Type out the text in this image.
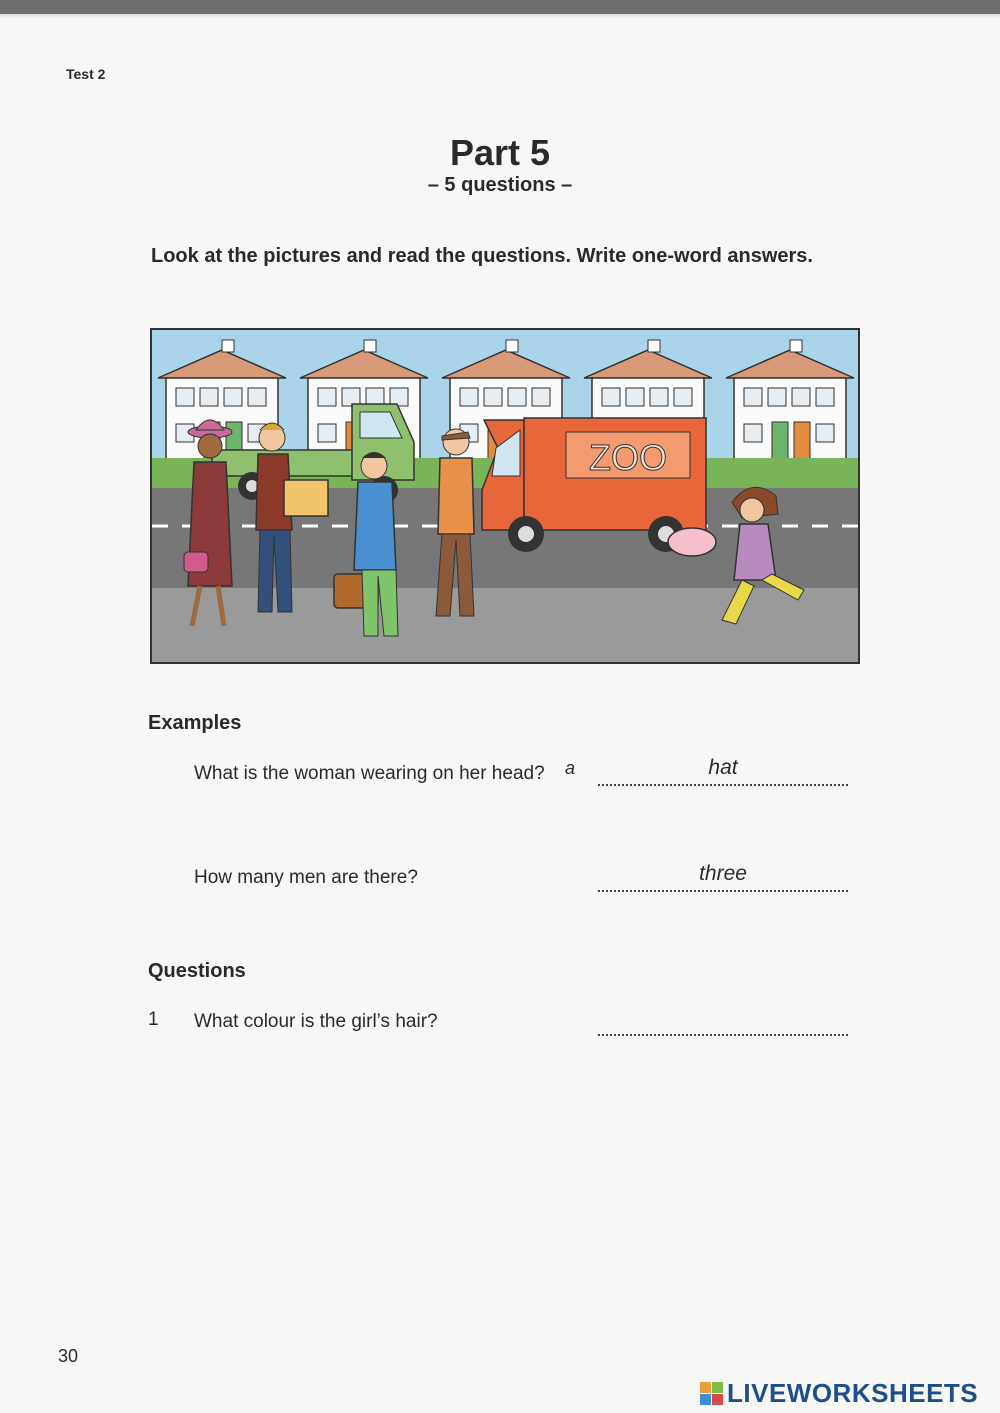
Test 2
Part 5
– 5 questions –
Look at the pictures and read the questions. Write one-word answers.
ZOO
Examples
What is the woman wearing on her head?	a	hat
How many men are there?	three
Questions
1 What colour is the girl’s hair?
30
LIVEWORKSHEETS
